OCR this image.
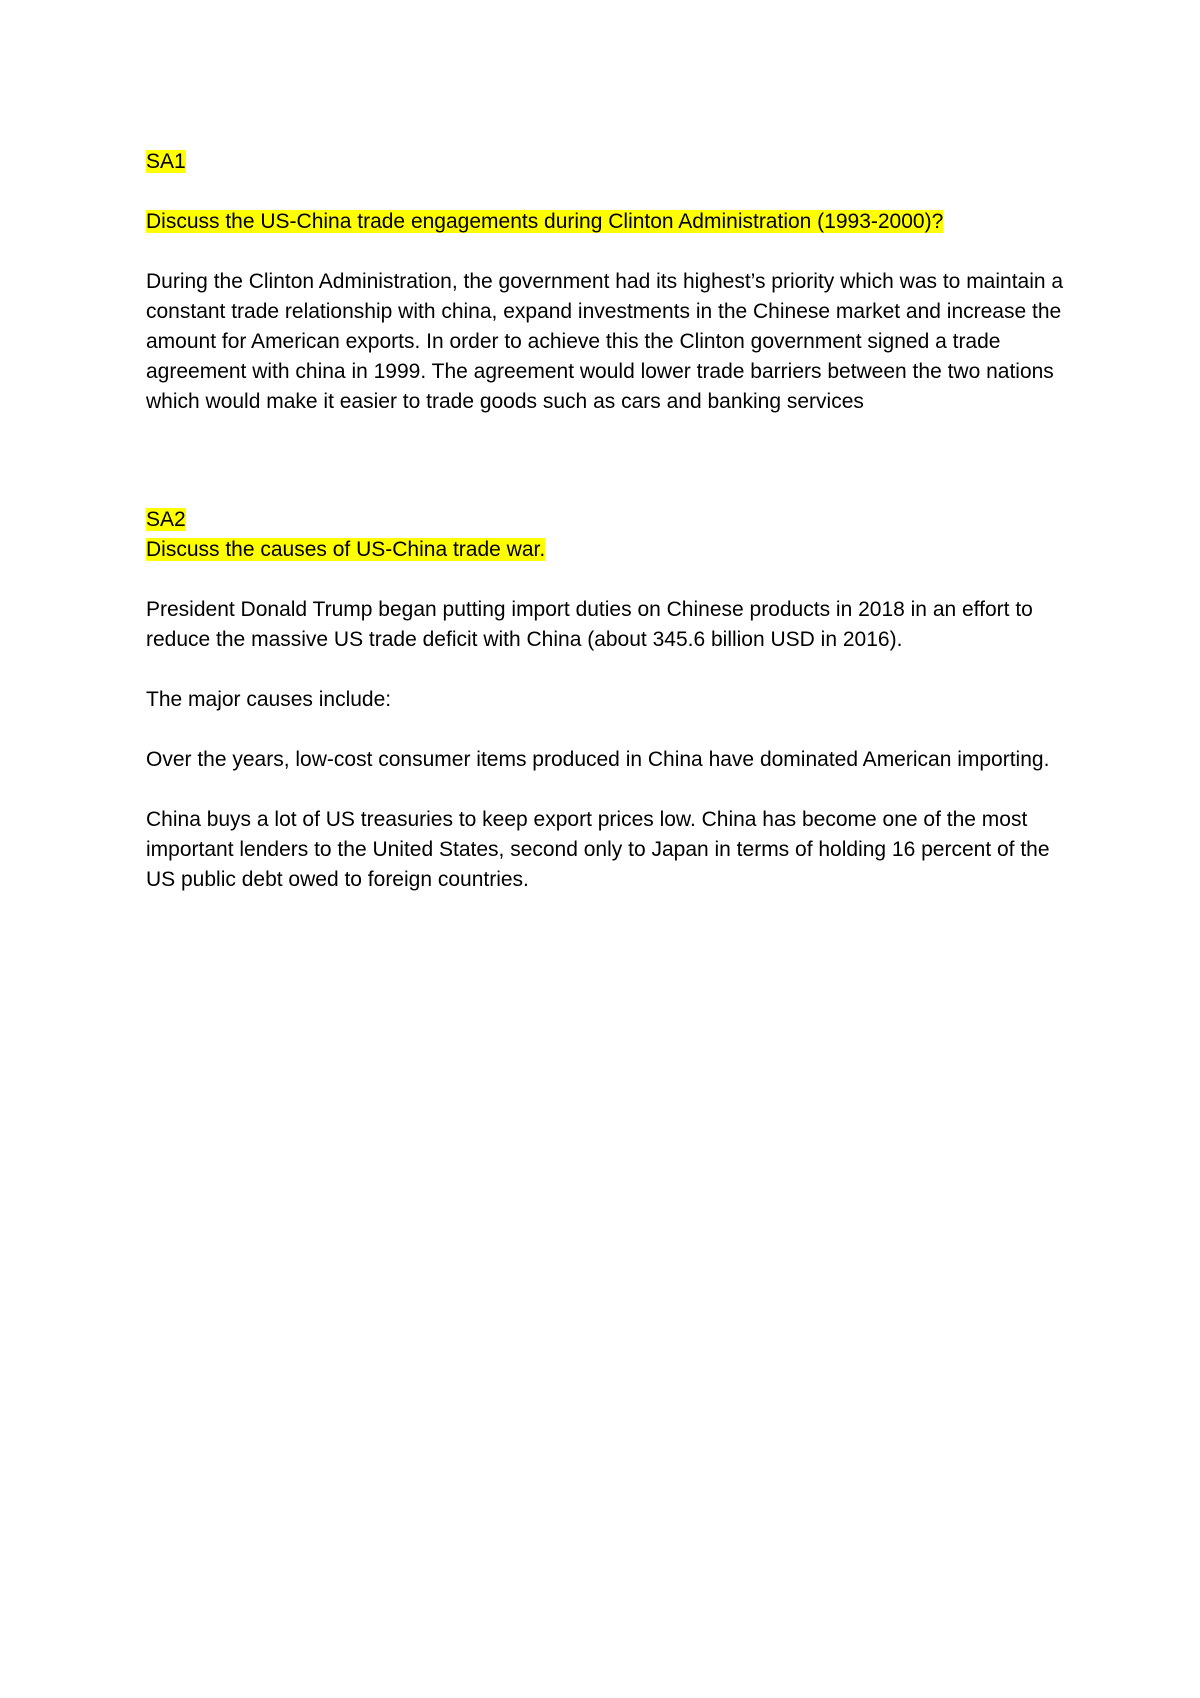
SA1

Discuss the US-China trade engagements during Clinton Administration (1993-2000)?

During the Clinton Administration, the government had its highest’s priority which was to maintain a constant trade relationship with china, expand investments in the Chinese market and increase the amount for American exports. In order to achieve this the Clinton government signed a trade agreement with china in 1999. The agreement would lower trade barriers between the two nations which would make it easier to trade goods such as cars and banking services

SA2

Discuss the causes of US-China trade war.

President Donald Trump began putting import duties on Chinese products in 2018 in an effort to reduce the massive US trade deficit with China (about 345.6 billion USD in 2016).

The major causes include:

Over the years, low-cost consumer items produced in China have dominated American importing.

China buys a lot of US treasuries to keep export prices low. China has become one of the most important lenders to the United States, second only to Japan in terms of holding 16 percent of the US public debt owed to foreign countries.
